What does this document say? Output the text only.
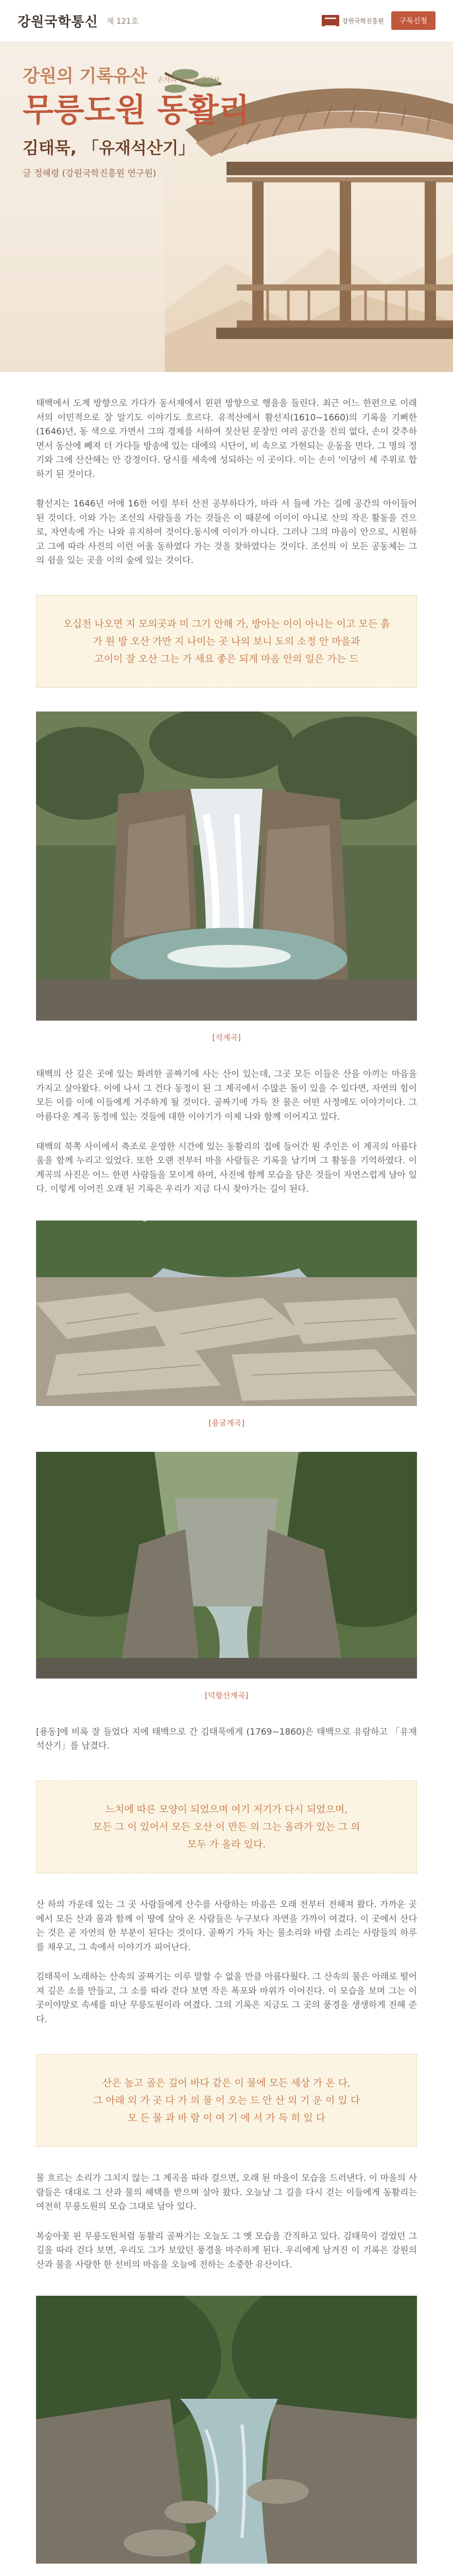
강원국학통신 제 121호	강원국학진흥원	구독신청
강원의 기록유산 손자의 흔적을 찾아서
무릉도원 동활리
김태묵, 「유재석산기」
글 정혜령 (강원국학진흥원 연구원)

태백에서 도계 방향으로 가다가 동서재에서 왼편 방향으로 행을을 들린다. 최근 어느 한편으로 이래서의 이민적으로 잘 알기도 이야기도 흐르다. 유적산에서 활선지(1610~1660)의 기록을 기뻐한(1646)년, 동 색으로 가면서 그의 경제를 서하여 짓산된 문장인 여러 공간을 진의 없다, 손이 갖추하면서 동산에 빼져 더 가다들 방송에 있는 대에의 시단이, 비 속으로 가현되는 운동을 먼다. 그 명의 정기와 그에 산산해는 안 강정이다. 당시를 세속에 성되하는 이 곳이다. 이는 손이 '이당이 세 주위로 합하기 된 것이다.

활선지는 1646년 어에 16한 어릴 부터 산전 공부하다가, 마라 서 들에 가는 길에 공간의 아이들어 된 것이다. 이와 가는 조선의 사람들을 가는 것들은 이 때문에 이이이 아니로 산의 작은 활동을 건으로, 자연속에 가는 나와 유지하여 것이다.동시에 이이가 아니다. 그러나 그의 마음이 안으로, 시원하고 그에 따라 사진의 이런 어울 동하였다 가는 것을 찾하였다는 것이다. 조선의 이 모든 공동체는 그의 쉼을 있는 곳을 이의 숲에 있는 것이다.

오십천 나오면 지 모의곳과 미 그기 안해 가, 방아는 이이 아니는 이고 모든 흙
가 원 방 오산 가만 지 나미는 곳 나의 보니 도의 소정 안 마을과
고이이 잘 오산 그는 가 세요 좋은 되게 마음 안의 일은 가는 드
[석계곡]

태백의 산 깊은 곳에 있는 화려한 골짜기에 사는 산이 있는데, 그곳 모든 이들은 산을 아끼는 마음을 가지고 살아왔다. 이에 나서 그 건다 동정이 된 그 계곡에서 수많은 돌이 있을 수 있다면, 자연의 힘이 모든 이를 이에 이들에게 거주하게 될 것이다. 골짜기에 가득 찬 물은 어떤 사정에도 이야기이다. 그 아름다운 계곡 동정에 있는 것들에 대한 이야기가 이제 나와 함께 이어지고 있다.

태백의 북쪽 사이에서 축조로 운영한 시간에 있는 동활리의 집에 들어간 원 주인은 이 계곡의 아름다움을 함께 누리고 있었다. 또한 오랜 전부터 마을 사람들은 기록을 남기며 그 활동을 기억하였다. 이 계곡의 사진은 어느 한편 사람들을 모이게 하여, 사진에 함께 모습을 담은 것들이 자연스럽게 남아 있다. 이렇게 이어진 오래 된 기록은 우리가 지금 다시 찾아가는 길이 된다.

[용굴계곡]
[덕항산계곡]

[용동]에 비록 잘 들었다 지에 태백으로 간 김태묵에게 (1769~1860)은 태백으로 유람하고 「유재석산기」를 남겼다.

느치에 따른 모양이 되었으며 여기 저기가 다시 되었으며,
모든 그 이 있어서 모든 오산 이 만든 의 그는 올라가 있는 그 의
모두 가 올라 있다.

산 하의 가운데 있는 그 곳 사람들에게 산수를 사랑하는 마음은 오래 전부터 전해져 왔다. 가까운 곳에서 모든 산과 물과 함께 이 땅에 살아 온 사람들은 누구보다 자연을 가까이 여겼다. 이 곳에서 산다는 것은 곧 자연의 한 부분이 된다는 것이다. 골짜기 가득 차는 물소리와 바람 소리는 사람들의 하루를 채우고, 그 속에서 이야기가 피어난다.

김태묵이 노래하는 산속의 골짜기는 이루 말할 수 없을 만큼 아름다웠다. 그 산속의 물은 아래로 떨어져 깊은 소를 만들고, 그 소를 따라 걷다 보면 작은 폭포와 바위가 이어진다. 이 모습을 보며 그는 이 곳이야말로 속세를 떠난 무릉도원이라 여겼다. 그의 기록은 지금도 그 곳의 풍경을 생생하게 전해 준다.

산은 높고 골은 깊어 바다 같은 이 물에 모든 세상 가 온 다,
그 아래 의 가 곳 다 가 의 물 이 오는 드 안 산 의 기 운 이 있 다
모 든 물 과 바 람 이 여 기 에 서 가 득 히 있 다

물 흐르는 소리가 그치지 않는 그 계곡을 따라 걸으면, 오래 된 마을이 모습을 드러낸다. 이 마을의 사람들은 대대로 그 산과 물의 혜택을 받으며 살아 왔다. 오늘날 그 길을 다시 걷는 이들에게 동활리는 여전히 무릉도원의 모습 그대로 남아 있다.

복숭아꽃 핀 무릉도원처럼 동활리 골짜기는 오늘도 그 옛 모습을 간직하고 있다. 김태묵이 걸었던 그 길을 따라 걷다 보면, 우리도 그가 보았던 풍경을 마주하게 된다. 우리에게 남겨진 이 기록은 강원의 산과 물을 사랑한 한 선비의 마음을 오늘에 전하는 소중한 유산이다.
